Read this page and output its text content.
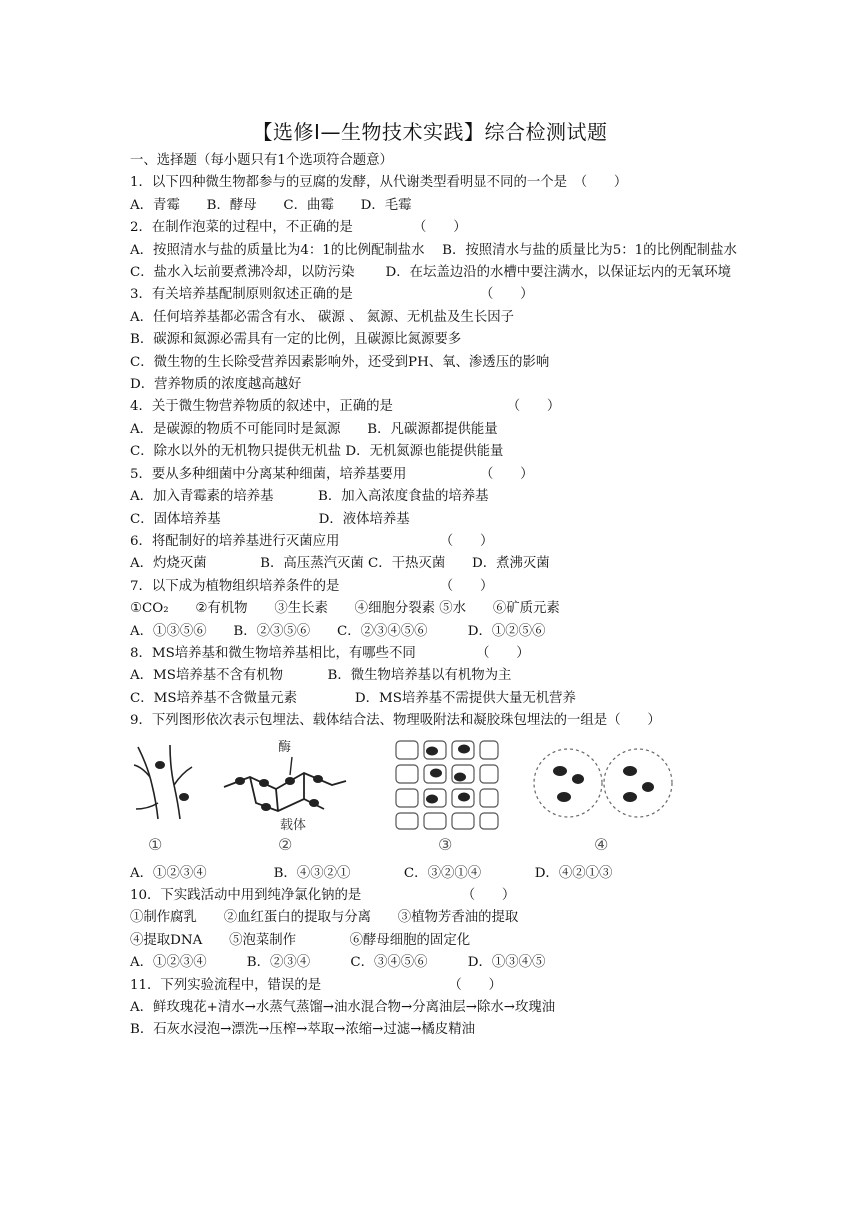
【选修Ⅰ—生物技术实践】综合检测试题
一、选择题（每小题只有1个选项符合题意）
1．以下四种微生物都参与的豆腐的发酵，从代谢类型看明显不同的一个是　（　　）
A．青霉　　B．酵母　　C．曲霉　　D．毛霉
2．在制作泡菜的过程中，不正确的是　　　　　（　　）
A．按照清水与盐的质量比为4：1的比例配制盐水　 B．按照清水与盐的质量比为5：1的比例配制盐水
C．盐水入坛前要煮沸冷却，以防污染　　 D．在坛盖边沿的水槽中要注满水，以保证坛内的无氧环境
3．有关培养基配制原则叙述正确的是　　　　　　　　　　（　　）
A．任何培养基都必需含有水、 碳源 、 氮源、无机盐及生长因子
B．碳源和氮源必需具有一定的比例，且碳源比氮源要多
C．微生物的生长除受营养因素影响外，还受到PH、氧、渗透压的影响
D．营养物质的浓度越高越好
4．关于微生物营养物质的叙述中，正确的是　　　　　　　　　（　　）
A．是碳源的物质不可能同时是氮源　　B．凡碳源都提供能量
C．除水以外的无机物只提供无机盐 D．无机氮源也能提供能量
5．要从多种细菌中分离某种细菌，培养基要用　　　　　　（　　）
A．加入青霉素的培养基　　　 B．加入高浓度食盐的培养基
C．固体培养基　　　　　　　 D．液体培养基
6．将配制好的培养基进行灭菌应用　　　　　　　　（　　）
A．灼烧灭菌　　　　B．高压蒸汽灭菌 C．干热灭菌　　D．煮沸灭菌
7．以下成为植物组织培养条件的是　　　　　　　　（　　）
①CO₂　　②有机物　　③生长素　　④细胞分裂素 ⑤水　　⑥矿质元素
A．①③⑤⑥　　B．②③⑤⑥　　C．②③④⑤⑥　　　D．①②⑤⑥
8．MS培养基和微生物培养基相比，有哪些不同　　　　　（　　）
A．MS培养基不含有机物　　　 B．微生物培养基以有机物为主
C．MS培养基不含微量元素　　　　 D．MS培养基不需提供大量无机营养
9．下列图形依次表示包埋法、载体结合法、物理吸附法和凝胶珠包埋法的一组是（　　）
①
酶
载体
②	③	④
A．①②③④　　　　　B．④③②①　　　　C．③②①④　　　　D．④②①③
10．下实践活动中用到纯净氯化钠的是　　　　　　　　（　　）
①制作腐乳　　②血红蛋白的提取与分离　　③植物芳香油的提取
④提取DNA　　⑤泡菜制作　　　　⑥酵母细胞的固定化
A．①②③④　　　B．②③④　　　C．③④⑤⑥　　　D．①③④⑤
11．下列实验流程中，错误的是　　　　　　　　　　（　　）
A．鲜玫瑰花+清水→水蒸气蒸馏→油水混合物→分离油层→除水→玫瑰油
B．石灰水浸泡→漂洗→压榨→萃取→浓缩→过滤→橘皮精油
